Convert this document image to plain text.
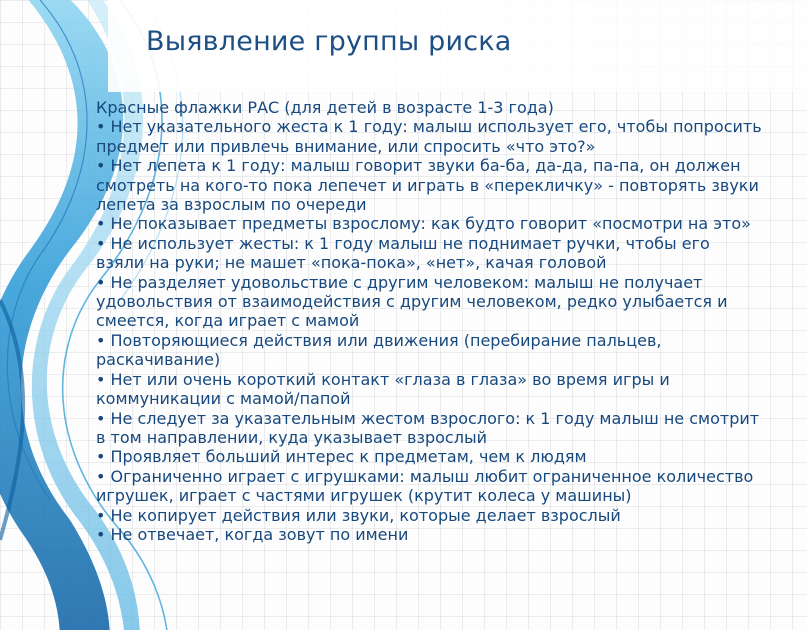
Выявление группы риска
Красные флажки РАС (для детей в возрасте 1-3 года)
• Нет указательного жеста к 1 году: малыш использует его, чтобы попросить
предмет или привлечь внимание, или спросить «что это?»
• Нет лепета к 1 году: малыш говорит звуки ба-ба, да-да, па-па, он должен
смотреть на кого-то пока лепечет и играть в «перекличку» - повторять звуки
лепета за взрослым по очереди
• Не показывает предметы взрослому: как будто говорит «посмотри на это»
• Не использует жесты: к 1 году малыш не поднимает ручки, чтобы его
взяли на руки; не машет «пока-пока», «нет», качая головой
• Не разделяет удовольствие с другим человеком: малыш не получает
удовольствия от взаимодействия с другим человеком, редко улыбается и
смеется, когда играет с мамой
• Повторяющиеся действия или движения (перебирание пальцев,
раскачивание)
• Нет или очень короткий контакт «глаза в глаза» во время игры и
коммуникации с мамой/папой
• Не следует за указательным жестом взрослого: к 1 году малыш не смотрит
в том направлении, куда указывает взрослый
• Проявляет больший интерес к предметам, чем к людям
• Ограниченно играет с игрушками: малыш любит ограниченное количество
игрушек, играет с частями игрушек (крутит колеса у машины)
• Не копирует действия или звуки, которые делает взрослый
• Не отвечает, когда зовут по имени
